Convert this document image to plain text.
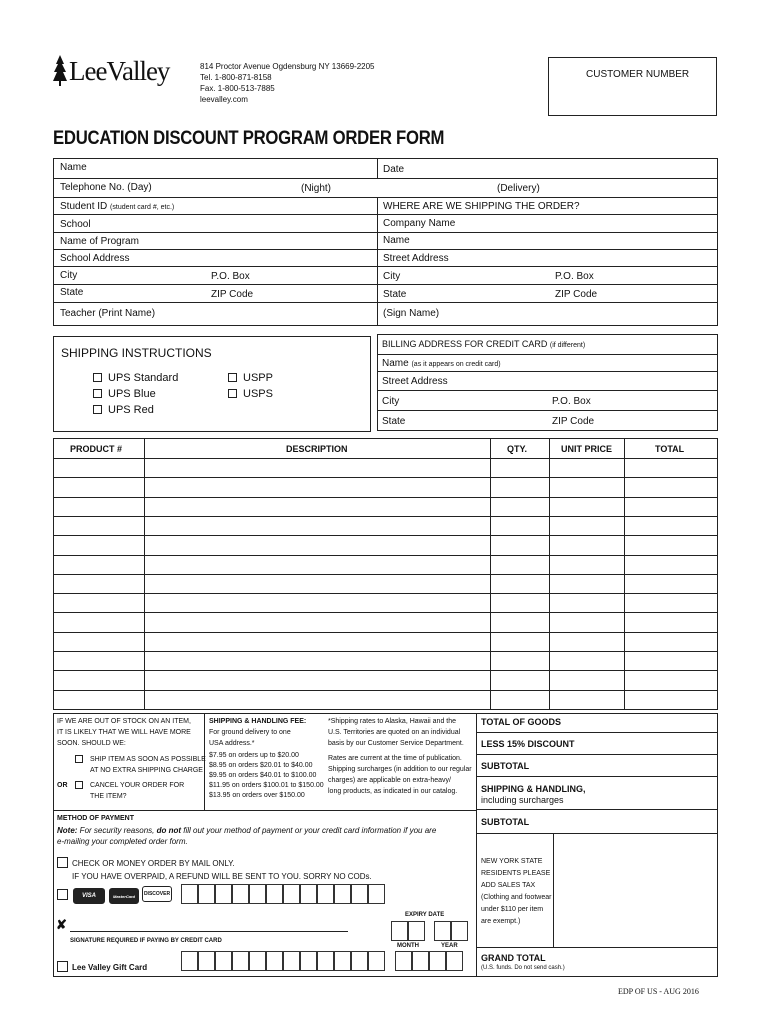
LeeValley	814 Proctor Avenue Ogdensburg NY 13669-2205
Tel. 1-800-871-8158
Fax. 1-800-513-7885
leevalley.com
CUSTOMER NUMBER
EDUCATION DISCOUNT PROGRAM ORDER FORM
Name	Date
Telephone No. (Day)	(Night)	(Delivery)
Student ID (student card #, etc.)	WHERE ARE WE SHIPPING THE ORDER?
School	Company Name
Name of Program	Name
School Address	Street Address
City	P.O. Box	City	P.O. Box
State	ZIP Code	State	ZIP Code
Teacher (Print Name)	(Sign Name)
SHIPPING INSTRUCTIONS
UPS Standard
UPS Blue
UPS Red
USPP
USPS
BILLING ADDRESS FOR CREDIT CARD (if different)
Name (as it appears on credit card)
Street Address
City	P.O. Box
State	ZIP Code
PRODUCT #	DESCRIPTION	QTY.	UNIT PRICE	TOTAL
IF WE ARE OUT OF STOCK ON AN ITEM,
IT IS LIKELY THAT WE WILL HAVE MORE
SOON. SHOULD WE:
SHIP ITEM AS SOON AS POSSIBLE
AT NO EXTRA SHIPPING CHARGE
OR	CANCEL YOUR ORDER FOR
THE ITEM?
SHIPPING & HANDLING FEE:
For ground delivery to one
USA address.*
$7.95 on orders up to $20.00
$8.95 on orders $20.01 to $40.00
$9.95 on orders $40.01 to $100.00
$11.95 on orders $100.01 to $150.00
$13.95 on orders over $150.00
*Shipping rates to Alaska, Hawaii and the
U.S. Territories are quoted on an individual
basis by our Customer Service Department.
Rates are current at the time of publication.
Shipping surcharges (in addition to our regular
charges) are applicable on extra-heavy/
long products, as indicated in our catalog.
TOTAL OF GOODS
LESS 15% DISCOUNT
SUBTOTAL
SHIPPING & HANDLING,
including surcharges
SUBTOTAL
NEW YORK STATE
RESIDENTS PLEASE
ADD SALES TAX
(Clothing and footwear
under $110 per item
are exempt.)
GRAND TOTAL
(U.S. funds. Do not send cash.)
METHOD OF PAYMENT
Note: For security reasons, do not fill out your method of payment or your credit card information if you are
e-mailing your completed order form.
CHECK OR MONEY ORDER BY MAIL ONLY.
IF YOU HAVE OVERPAID, A REFUND WILL BE SENT TO YOU. SORRY NO CODs.
VISA	MasterCard	DISCOVER
EXPIRY DATE
MONTH	YEAR
✘
SIGNATURE REQUIRED IF PAYING BY CREDIT CARD
Lee Valley Gift Card
EDP OF US - AUG 2016
